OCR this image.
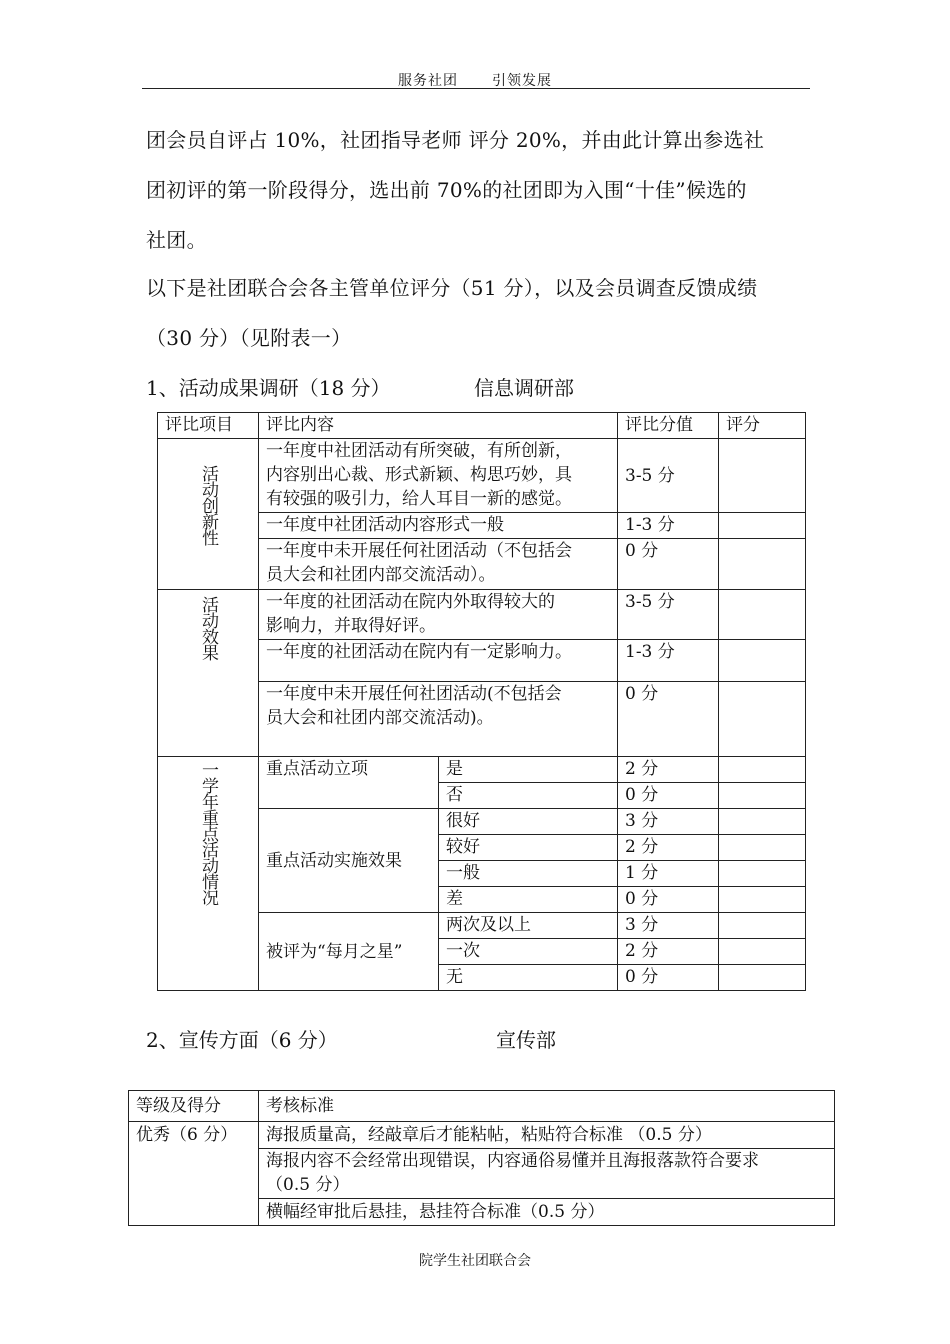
服务社团 引领发展
团会员自评占 10%，社团指导老师 评分 20%，并由此计算出参选社
团初评的第一阶段得分，选出前 70%的社团即为入围“十佳”候选的
社团。
以下是社团联合会各主管单位评分（51 分），以及会员调查反馈成绩
（30 分）（见附表一）
1、活动成果调研（18 分）	信息调研部
评比项目	评比内容		评比分值	评分

活动创新性	一年度中社团活动有所突破，有所创新，
内容别出心裁、形式新颖、构思巧妙，具
有较强的吸引力，给人耳目一新的感觉。		3-5 分	
	一年度中社团活动内容形式一般		1-3 分	

	一年度中未开展任何社团活动（不包括会
员大会和社团内部交流活动）。		0 分	

活动效果	一年度的社团活动在院内外取得较大的
影响力，并取得好评。		3-5 分	
	一年度的社团活动在院内有一定影响力。		1-3 分	

	一年度中未开展任何社团活动(不包括会
员大会和社团内部交流活动)。		0 分	

一学年重点活动情况	重点活动立项	是	2 分	
		否	0 分	
	重点活动实施效果	很好	3 分	
		较好	2 分	
		一般	1 分	
		差	0 分	
	被评为“每月之星”	两次及以上	3 分	
		一次	2 分	
		无	0 分	
2、宣传方面（6 分）	宣传部
等级及得分	考核标准
优秀（6 分）	海报质量高，经敲章后才能粘帖，粘贴符合标准 （0.5 分）

	海报内容不会经常出现错误，内容通俗易懂并且海报落款符合要求
（0.5 分）

	横幅经审批后悬挂，悬挂符合标准（0.5 分）
院学生社团联合会
